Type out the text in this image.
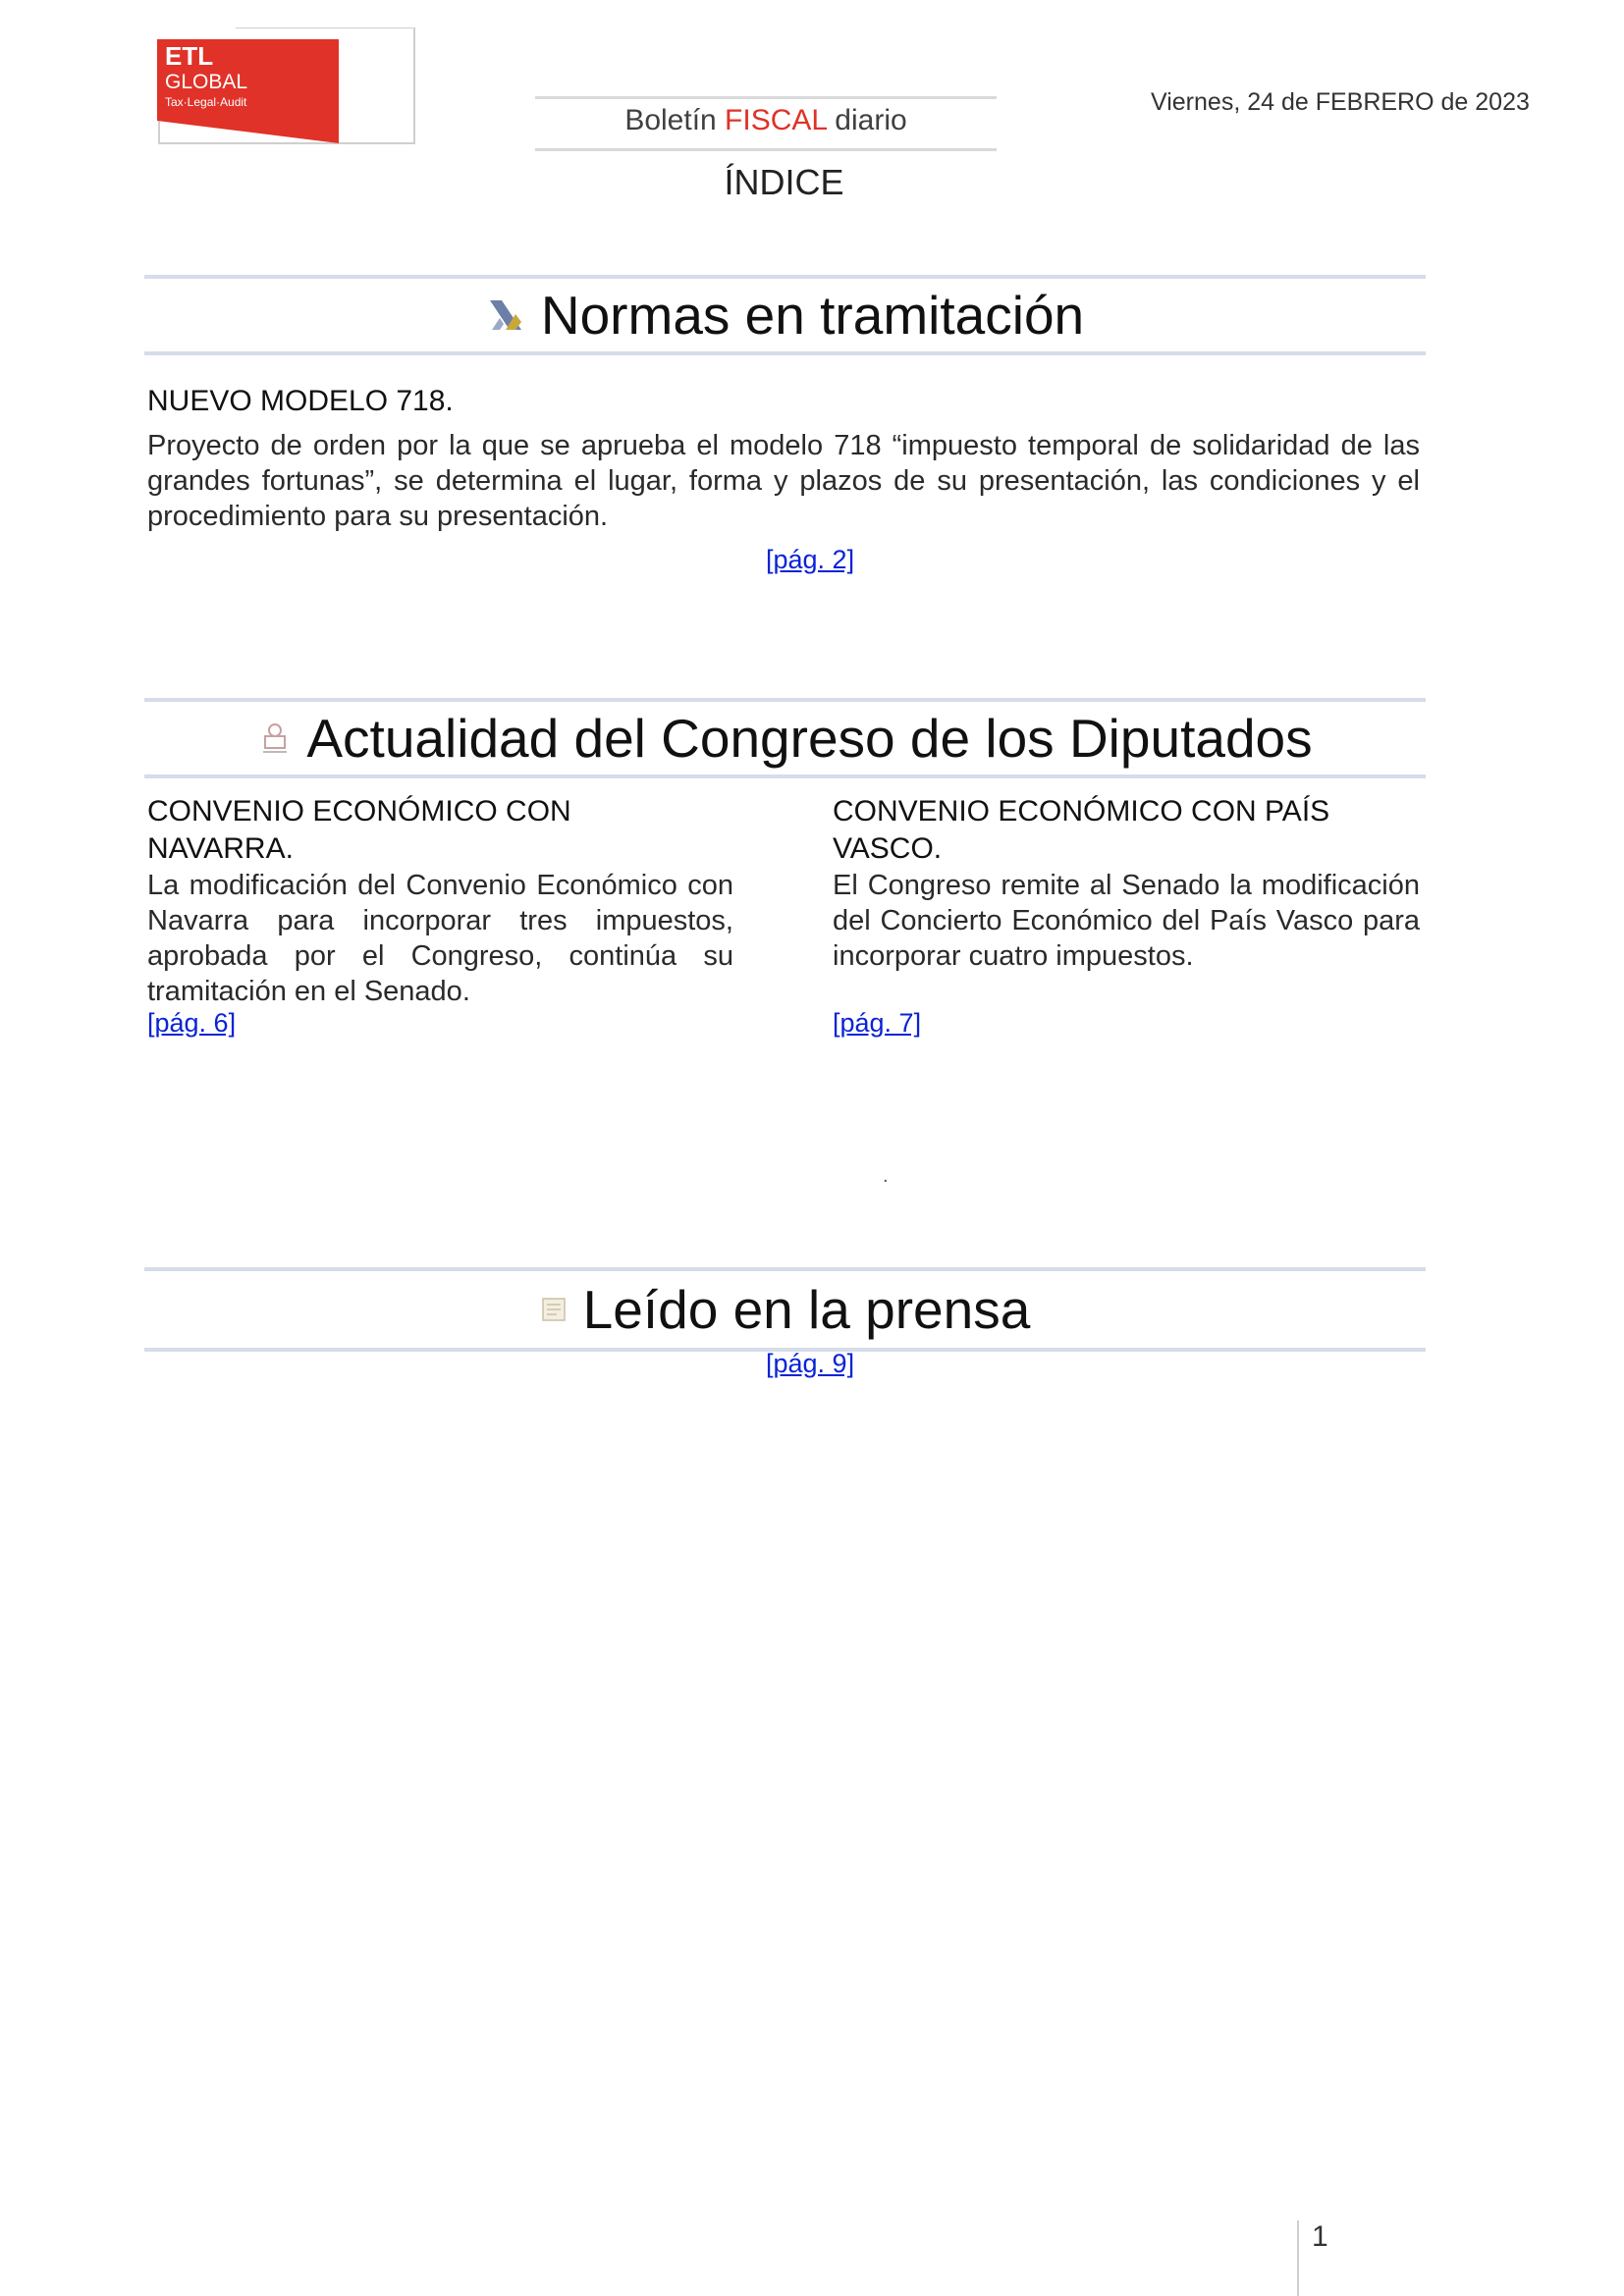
ETL
GLOBAL
Tax·Legal·Audit
Boletín FISCAL diario
Viernes, 24 de FEBRERO de 2023
ÍNDICE
Normas en tramitación
NUEVO MODELO 718.
Proyecto de orden por la que se aprueba el modelo 718 “impuesto temporal de solidaridad de las grandes fortunas”, se determina el lugar, forma y plazos de su presentación, las condiciones y el procedimiento para su presentación.
[pág. 2]
Actualidad del Congreso de los Diputados
CONVENIO ECONÓMICO CON
NAVARRA.
La modificación del Convenio Económico con Navarra para incorporar tres impuestos, aprobada por el Congreso, continúa su tramitación en el Senado.
[pág. 6]
CONVENIO ECONÓMICO CON PAÍS
VASCO.
El Congreso remite al Senado la modificación del Concierto Económico del País Vasco para incorporar cuatro impuestos.
[pág. 7]
.
Leído en la prensa
[pág. 9]
1
